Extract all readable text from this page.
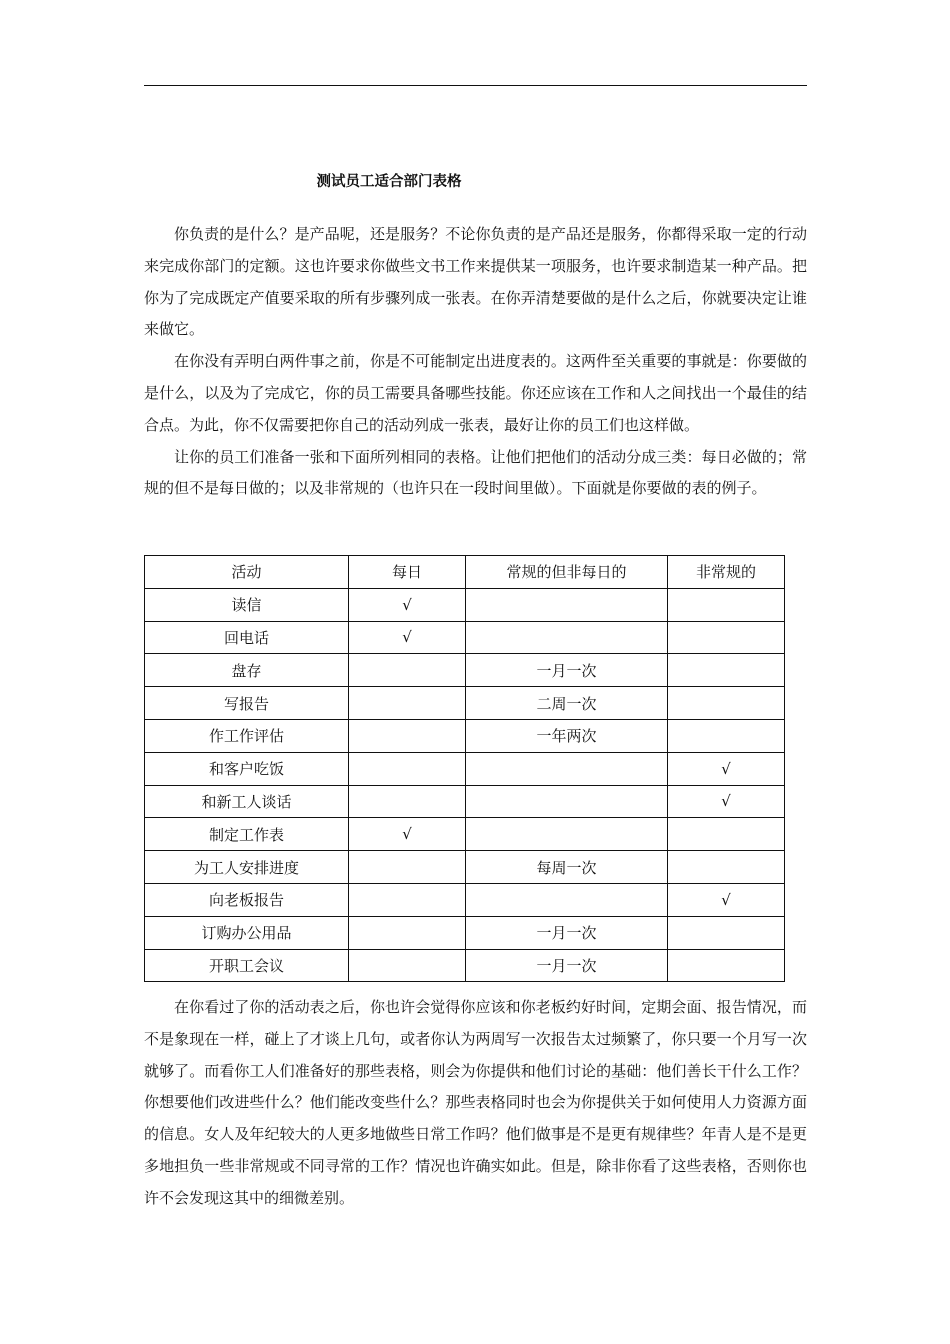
测试员工适合部门表格

你负责的是什么？是产品呢，还是服务？不论你负责的是产品还是服务，你都得采取一定的行动来完成你部门的定额。这也许要求你做些文书工作来提供某一项服务，也许要求制造某一种产品。把你为了完成既定产值要采取的所有步骤列成一张表。在你弄清楚要做的是什么之后，你就要决定让谁来做它。

在你没有弄明白两件事之前，你是不可能制定出进度表的。这两件至关重要的事就是：你要做的是什么，以及为了完成它，你的员工需要具备哪些技能。你还应该在工作和人之间找出一个最佳的结合点。为此，你不仅需要把你自己的活动列成一张表，最好让你的员工们也这样做。

让你的员工们准备一张和下面所列相同的表格。让他们把他们的活动分成三类：每日必做的；常规的但不是每日做的；以及非常规的（也许只在一段时间里做）。下面就是你要做的表的例子。

活动	每日	常规的但非每日的	非常规的
读信	√		
回电话	√		
盘存		一月一次	
写报告		二周一次	
作工作评估		一年两次	
和客户吃饭			√
和新工人谈话			√
制定工作表	√		
为工人安排进度		每周一次	
向老板报告			√
订购办公用品		一月一次	
开职工会议		一月一次	

在你看过了你的活动表之后，你也许会觉得你应该和你老板约好时间，定期会面、报告情况，而不是象现在一样，碰上了才谈上几句，或者你认为两周写一次报告太过频繁了，你只要一个月写一次就够了。而看你工人们准备好的那些表格，则会为你提供和他们讨论的基础：他们善长干什么工作？你想要他们改进些什么？他们能改变些什么？那些表格同时也会为你提供关于如何使用人力资源方面的信息。女人及年纪较大的人更多地做些日常工作吗？他们做事是不是更有规律些？年青人是不是更多地担负一些非常规或不同寻常的工作？情况也许确实如此。但是，除非你看了这些表格，否则你也许不会发现这其中的细微差别。
